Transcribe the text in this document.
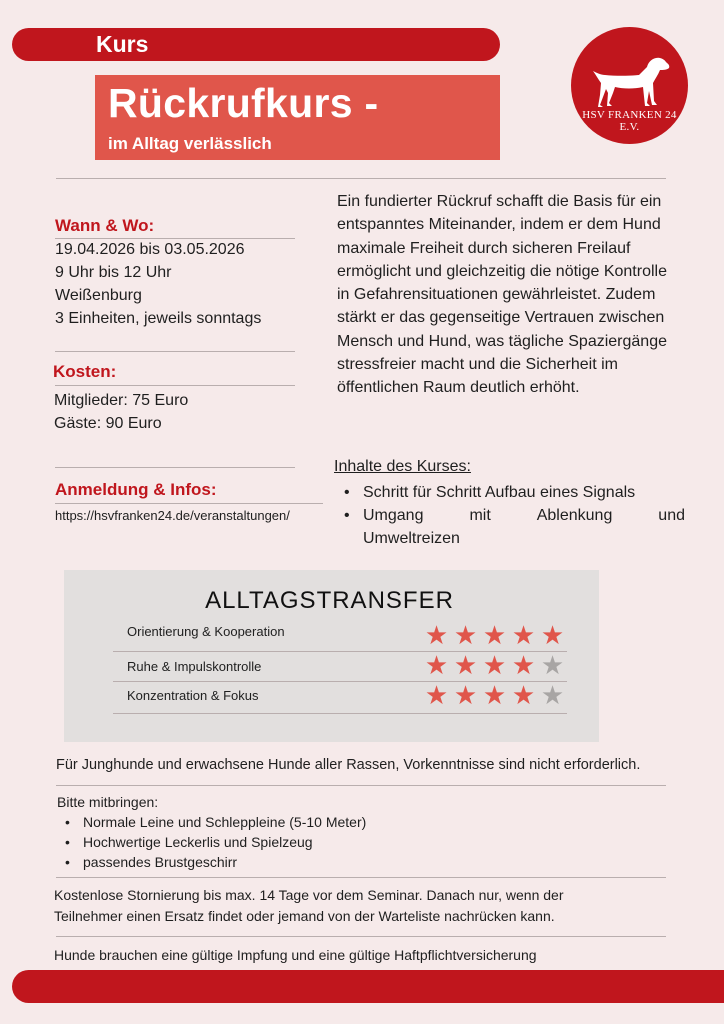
Kurs
Rückrufkurs -
im Alltag verlässlich
HSV FRANKEN 24 E.V.
Wann & Wo:
19.04.2026 bis 03.05.2026
9 Uhr bis 12 Uhr
Weißenburg
3 Einheiten, jeweils sonntags
Kosten:
Mitglieder: 75 Euro
Gäste: 90 Euro
Anmeldung & Infos:
https://hsvfranken24.de/veranstaltungen/
Ein fundierter Rückruf schafft die Basis für ein entspanntes Miteinander, indem er dem Hund maximale Freiheit durch sicheren Freilauf ermöglicht und gleichzeitig die nötige Kontrolle in Gefahrensituationen gewährleistet. Zudem stärkt er das gegenseitige Vertrauen zwischen Mensch und Hund, was tägliche Spaziergänge stressfreier macht und die Sicherheit im öffentlichen Raum deutlich erhöht.
Inhalte des Kurses:
• Schritt für Schritt Aufbau eines Signals
• Umgang	mit	Ablenkung	und
Umweltreizen
ALLTAGSTRANSFER
Orientierung & Kooperation	★★★★★
Ruhe & Impulskontrolle	★★★★★
Konzentration & Fokus	★★★★★
Für Junghunde und erwachsene Hunde aller Rassen, Vorkenntnisse sind nicht erforderlich.
Bitte mitbringen:
• Normale Leine und Schleppleine (5-10 Meter)
• Hochwertige Leckerlis und Spielzeug
• passendes Brustgeschirr
Kostenlose Stornierung bis max. 14 Tage vor dem Seminar. Danach nur, wenn der
Teilnehmer einen Ersatz findet oder jemand von der Warteliste nachrücken kann.
Hunde brauchen eine gültige Impfung und eine gültige Haftpflichtversicherung
